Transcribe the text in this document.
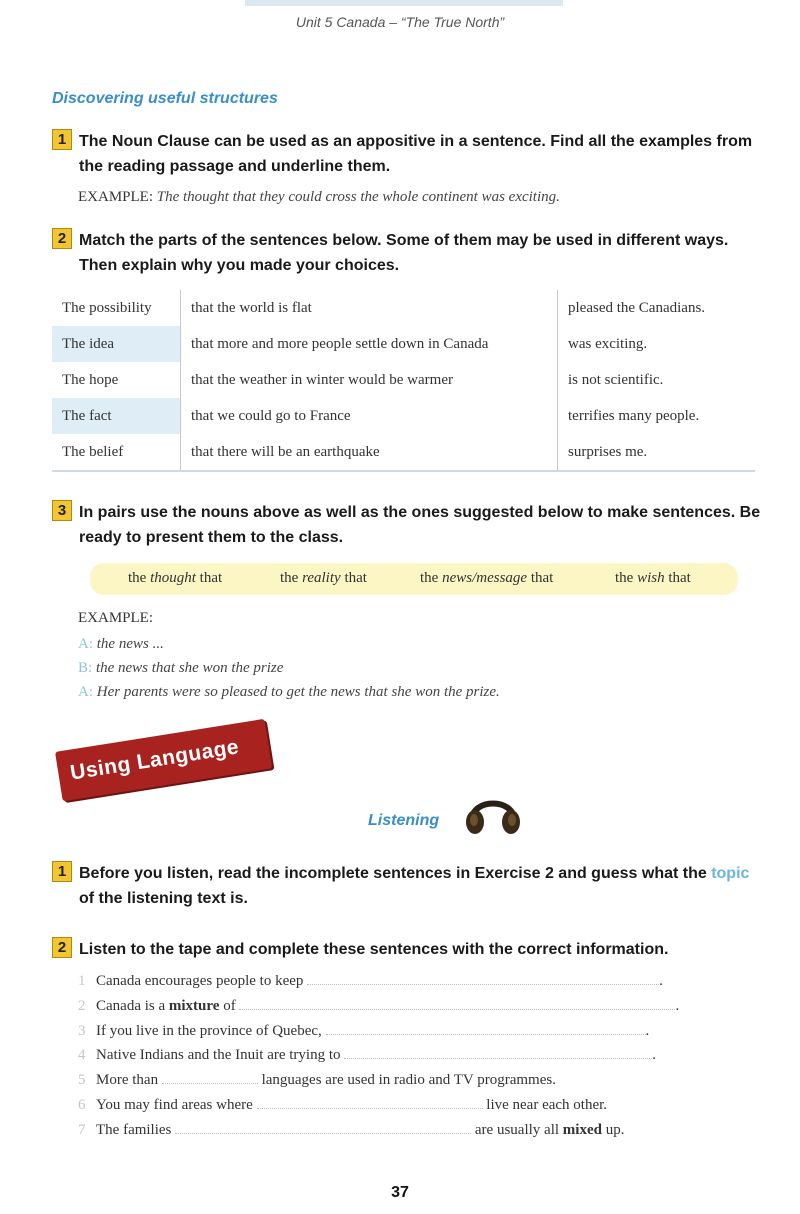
Unit 5 Canada – “The True North”
Discovering useful structures
1 The Noun Clause can be used as an appositive in a sentence. Find all the examples from the reading passage and underline them.
EXAMPLE: The thought that they could cross the whole continent was exciting.
2 Match the parts of the sentences below. Some of them may be used in different ways. Then explain why you made your choices.
The possibility	that the world is flat	pleased the Canadians.
The idea	that more and more people settle down in Canada	was exciting.
The hope	that the weather in winter would be warmer	is not scientific.
The fact	that we could go to France	terrifies many people.
The belief	that there will be an earthquake	surprises me.
3 In pairs use the nouns above as well as the ones suggested below to make sentences. Be ready to present them to the class.
the thought that	the reality that	the news/message that	the wish that
EXAMPLE:
A: the news ...
B: the news that she won the prize
A: Her parents were so pleased to get the news that she won the prize.
Using Language
Listening
1 Before you listen, read the incomplete sentences in Exercise 2 and guess what the topic of the listening text is.
2 Listen to the tape and complete these sentences with the correct information.
1 Canada encourages people to keep	.
2 Canada is a mixture of	.
3 If you live in the province of Quebec,	.
4 Native Indians and the Inuit are trying to	.
5 More than	languages are used in radio and TV programmes.
6 You may find areas where	live near each other.
7 The families	are usually all mixed up.
37
